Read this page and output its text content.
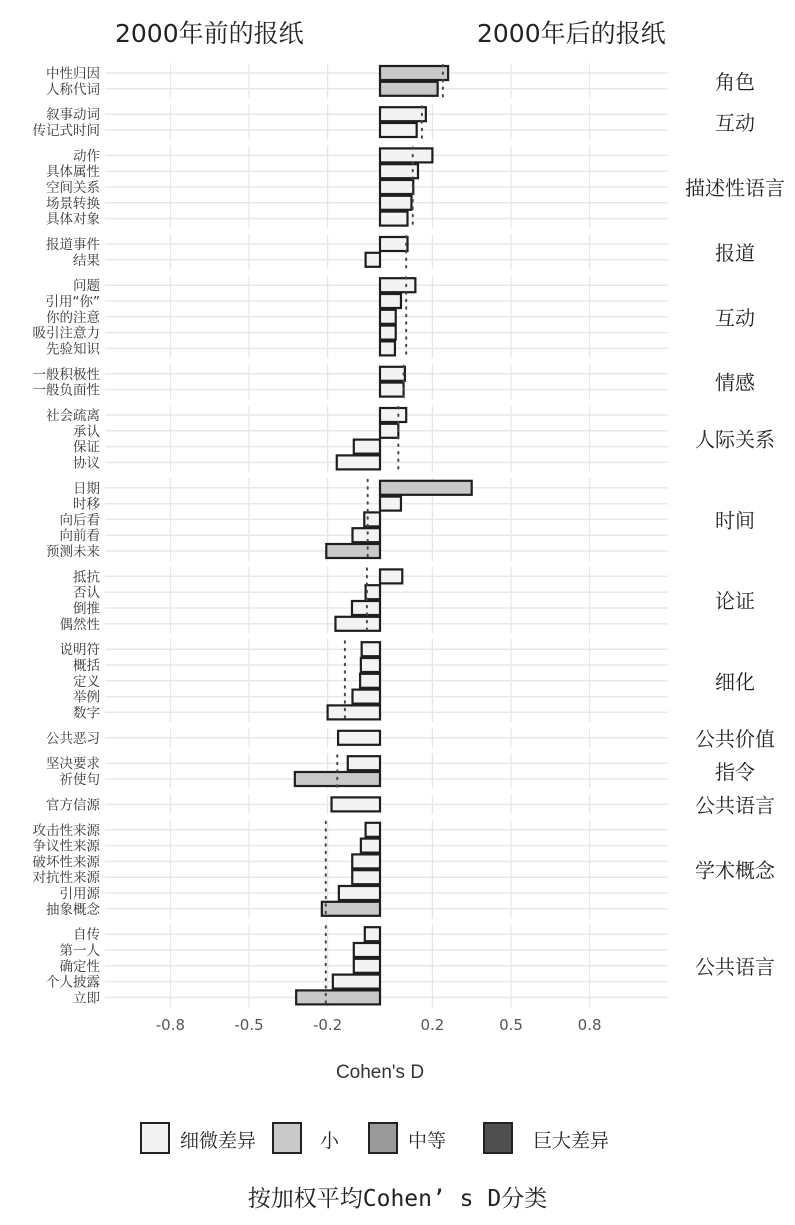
2000年前的报纸	2000年后的报纸
中性归因
人称代词	角色
叙事动词
传记式时间	互动
动作
具体属性
空间关系
场景转换
具体对象
描述性语言
报道事件
结果	报道
问题
引用“你”
你的注意
吸引注意力
先验知识
互动
一般积极性
一般负面性	情感
社会疏离
承认
保证
协议
人际关系
日期
时移
向后看
向前看
预测未来
时间
抵抗
否认
倒推
偶然性
论证
说明符
概括
定义
举例
数字
细化
公共恶习	公共价值
坚决要求
祈使句	指令
官方信源	公共语言
攻击性来源
争议性来源
破坏性来源
对抗性来源
引用源
抽象概念
学术概念
自传
第一人
确定性
个人披露
立即
公共语言
-0.8	-0.5	-0.2	0.2	0.5	0.8
Cohen's D
细微差异	小	中等	巨大差异
按加权平均Cohen’ s D分类
